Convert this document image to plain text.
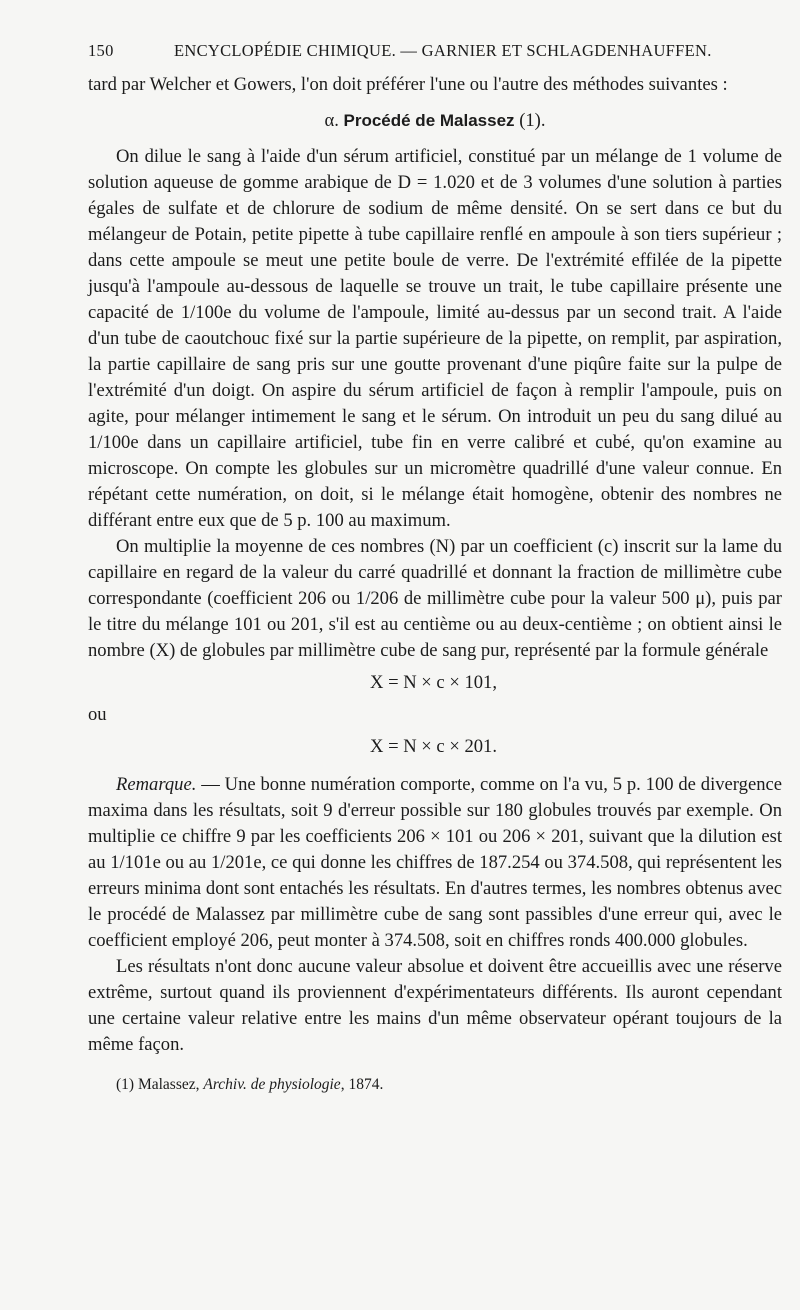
150	ENCYCLOPÉDIE CHIMIQUE. — GARNIER ET SCHLAGDENHAUFFEN.

tard par Welcher et Gowers, l'on doit préférer l'une ou l'autre des méthodes suivantes :

α. Procédé de Malassez (1).

On dilue le sang à l'aide d'un sérum artificiel, constitué par un mélange de 1 volume de solution aqueuse de gomme arabique de D = 1.020 et de 3 volumes d'une solution à parties égales de sulfate et de chlorure de sodium de même densité. On se sert dans ce but du mélangeur de Potain, petite pipette à tube capillaire renflé en ampoule à son tiers supérieur ; dans cette ampoule se meut une petite boule de verre. De l'extrémité effilée de la pipette jusqu'à l'ampoule au-dessous de laquelle se trouve un trait, le tube capillaire présente une capacité de 1/100e du volume de l'ampoule, limité au-dessus par un second trait. A l'aide d'un tube de caoutchouc fixé sur la partie supérieure de la pipette, on remplit, par aspiration, la partie capillaire de sang pris sur une goutte provenant d'une piqûre faite sur la pulpe de l'extrémité d'un doigt. On aspire du sérum artificiel de façon à remplir l'ampoule, puis on agite, pour mélanger intimement le sang et le sérum. On introduit un peu du sang dilué au 1/100e dans un capillaire artificiel, tube fin en verre calibré et cubé, qu'on examine au microscope. On compte les globules sur un micromètre quadrillé d'une valeur connue. En répétant cette numération, on doit, si le mélange était homogène, obtenir des nombres ne différant entre eux que de 5 p. 100 au maximum.

On multiplie la moyenne de ces nombres (N) par un coefficient (c) inscrit sur la lame du capillaire en regard de la valeur du carré quadrillé et donnant la fraction de millimètre cube correspondante (coefficient 206 ou 1/206 de millimètre cube pour la valeur 500 μ), puis par le titre du mélange 101 ou 201, s'il est au centième ou au deux-centième ; on obtient ainsi le nombre (X) de globules par millimètre cube de sang pur, représenté par la formule générale

X = N × c × 101,
ou
X = N × c × 201.

Remarque. — Une bonne numération comporte, comme on l'a vu, 5 p. 100 de divergence maxima dans les résultats, soit 9 d'erreur possible sur 180 globules trouvés par exemple. On multiplie ce chiffre 9 par les coefficients 206 × 101 ou 206 × 201, suivant que la dilution est au 1/101e ou au 1/201e, ce qui donne les chiffres de 187.254 ou 374.508, qui représentent les erreurs minima dont sont entachés les résultats. En d'autres termes, les nombres obtenus avec le procédé de Malassez par millimètre cube de sang sont passibles d'une erreur qui, avec le coefficient employé 206, peut monter à 374.508, soit en chiffres ronds 400.000 globules.

Les résultats n'ont donc aucune valeur absolue et doivent être accueillis avec une réserve extrême, surtout quand ils proviennent d'expérimentateurs différents. Ils auront cependant une certaine valeur relative entre les mains d'un même observateur opérant toujours de la même façon.

(1) Malassez, Archiv. de physiologie, 1874.
